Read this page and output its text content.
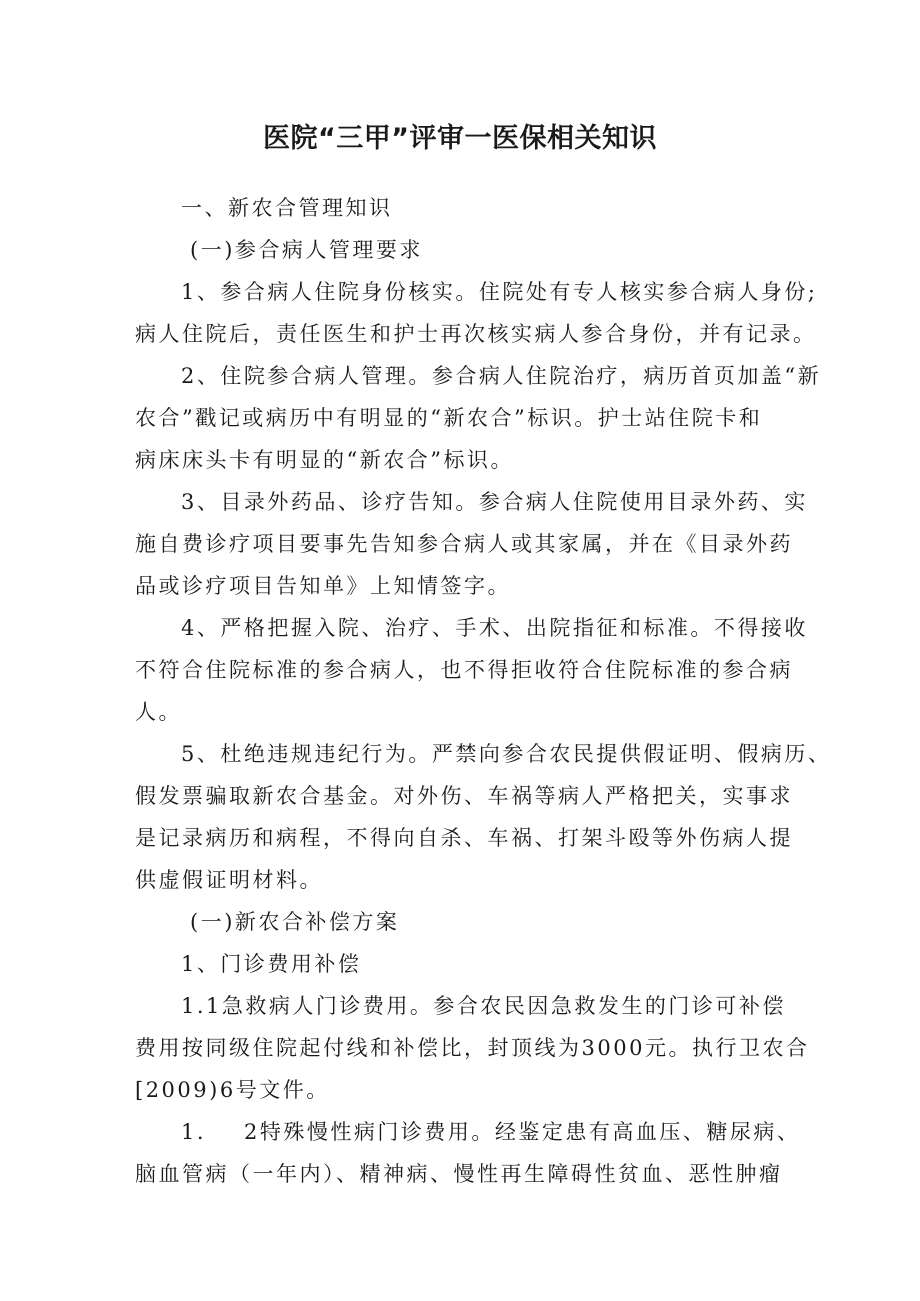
医院“三甲”评审一医保相关知识
一、新农合管理知识
(一)参合病人管理要求
1、参合病人住院身份核实。住院处有专人核实参合病人身份;
病人住院后，责任医生和护士再次核实病人参合身份，并有记录。
2、住院参合病人管理。参合病人住院治疗，病历首页加盖“新
农合”戳记或病历中有明显的“新农合”标识。护士站住院卡和
病床床头卡有明显的“新农合”标识。
3、目录外药品、诊疗告知。参合病人住院使用目录外药、实
施自费诊疗项目要事先告知参合病人或其家属，并在《目录外药
品或诊疗项目告知单》上知情签字。
4、严格把握入院、治疗、手术、出院指征和标准。不得接收
不符合住院标准的参合病人，也不得拒收符合住院标准的参合病
人。
5、杜绝违规违纪行为。严禁向参合农民提供假证明、假病历、
假发票骗取新农合基金。对外伤、车祸等病人严格把关，实事求
是记录病历和病程，不得向自杀、车祸、打架斗殴等外伤病人提
供虚假证明材料。
(一)新农合补偿方案
1、门诊费用补偿
1.1急救病人门诊费用。参合农民因急救发生的门诊可补偿
费用按同级住院起付线和补偿比，封顶线为3000元。执行卫农合
[2009)6号文件。
1. 2特殊慢性病门诊费用。经鉴定患有高血压、糖尿病、
脑血管病（一年内）、精神病、慢性再生障碍性贫血、恶性肿瘤
